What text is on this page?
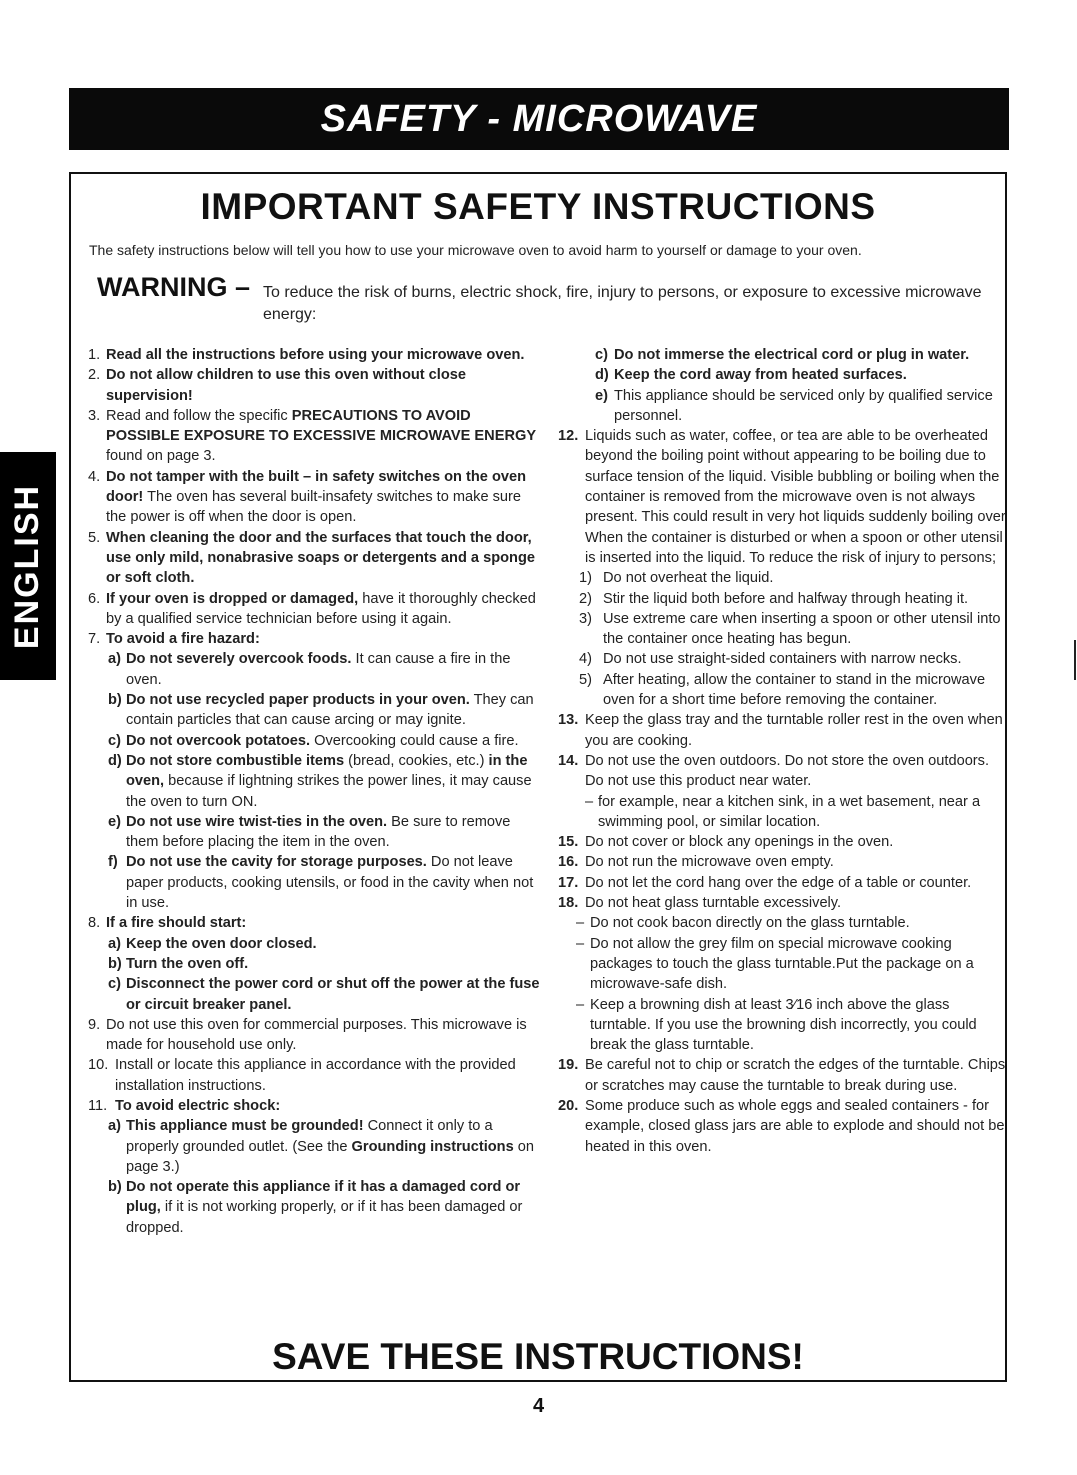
SAFETY - MICROWAVE
ENGLISH
IMPORTANT SAFETY INSTRUCTIONS
The safety instructions below will tell you how to use your microwave oven to avoid harm to yourself or damage to your oven.
WARNING – To reduce the risk of burns, electric shock, fire, injury to persons, or exposure to excessive microwave energy:
1. Read all the instructions before using your microwave oven.
2. Do not allow children to use this oven without close supervision!
3. Read and follow the specific PRECAUTIONS TO AVOID POSSIBLE EXPOSURE TO EXCESSIVE MICROWAVE ENERGY found on page 3.
4. Do not tamper with the built – in safety switches on the oven door! The oven has several built-insafety switches to make sure the power is off when the door is open.
5. When cleaning the door and the surfaces that touch the door, use only mild, nonabrasive soaps or detergents and a sponge or soft cloth.
6. If your oven is dropped or damaged, have it thoroughly checked by a qualified service technician before using it again.
7. To avoid a fire hazard:
a) Do not severely overcook foods. It can cause a fire in the oven.
b) Do not use recycled paper products in your oven. They can contain particles that can cause arcing or may ignite.
c) Do not overcook potatoes. Overcooking could cause a fire.
d) Do not store combustible items (bread, cookies, etc.) in the oven, because if lightning strikes the power lines, it may cause the oven to turn ON.
e) Do not use wire twist-ties in the oven. Be sure to remove them before placing the item in the oven.
f) Do not use the cavity for storage purposes. Do not leave paper products, cooking utensils, or food in the cavity when not in use.
8. If a fire should start:
a) Keep the oven door closed.
b) Turn the oven off.
c) Disconnect the power cord or shut off the power at the fuse or circuit breaker panel.
9. Do not use this oven for commercial purposes. This microwave is made for household use only.
10. Install or locate this appliance in accordance with the provided installation instructions.
11. To avoid electric shock:
a) This appliance must be grounded! Connect it only to a properly grounded outlet. (See the Grounding instructions on page 3.)
b) Do not operate this appliance if it has a damaged cord or plug, if it is not working properly, or if it has been damaged or dropped.
c) Do not immerse the electrical cord or plug in water.
d) Keep the cord away from heated surfaces.
e) This appliance should be serviced only by qualified service personnel.
12. Liquids such as water, coffee, or tea are able to be overheated beyond the boiling point without appearing to be boiling due to surface tension of the liquid. Visible bubbling or boiling when the container is removed from the microwave oven is not always present. This could result in very hot liquids suddenly boiling over When the container is disturbed or when a spoon or other utensil is inserted into the liquid. To reduce the risk of injury to persons;
1) Do not overheat the liquid.
2) Stir the liquid both before and halfway through heating it.
3) Use extreme care when inserting a spoon or other utensil into the container once heating has begun.
4) Do not use straight-sided containers with narrow necks.
5) After heating, allow the container to stand in the microwave oven for a short time before removing the container.
13. Keep the glass tray and the turntable roller rest in the oven when you are cooking.
14. Do not use the oven outdoors. Do not store the oven outdoors. Do not use this product near water.
– for example, near a kitchen sink, in a wet basement, near a swimming pool, or similar location.
15. Do not cover or block any openings in the oven.
16. Do not run the microwave oven empty.
17. Do not let the cord hang over the edge of a table or counter.
18. Do not heat glass turntable excessively.
– Do not cook bacon directly on the glass turntable.
– Do not allow the grey film on special microwave cooking packages to touch the glass turntable.Put the package on a microwave-safe dish.
– Keep a browning dish at least 3⁄16 inch above the glass turntable. If you use the browning dish incorrectly, you could break the glass turntable.
19. Be careful not to chip or scratch the edges of the turntable. Chips or scratches may cause the turntable to break during use.
20. Some produce such as whole eggs and sealed containers - for example, closed glass jars are able to explode and should not be heated in this oven.
SAVE THESE INSTRUCTIONS!
4
